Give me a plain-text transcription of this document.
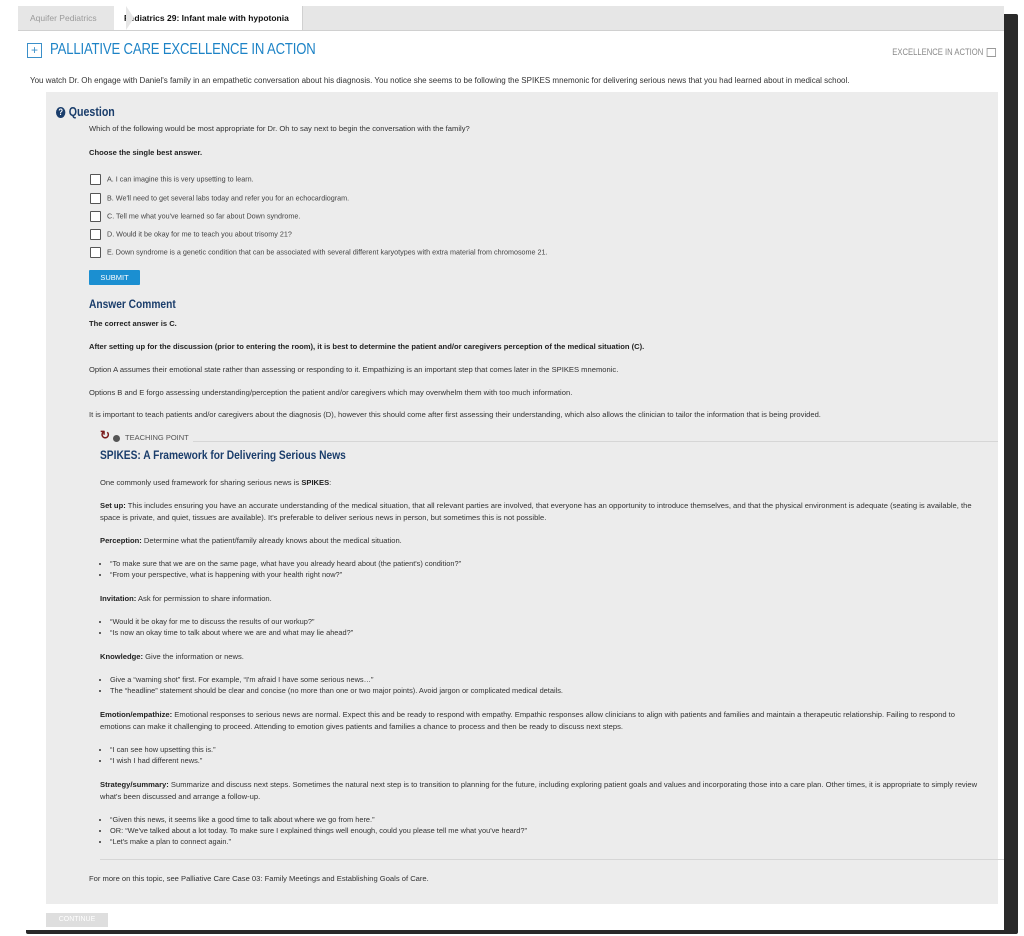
Aquifer Pediatrics	Pediatrics 29: Infant male with hypotonia
+ PALLIATIVE CARE EXCELLENCE IN ACTION	EXCELLENCE IN ACTION
You watch Dr. Oh engage with Daniel's family in an empathetic conversation about his diagnosis. You notice she seems to be following the SPIKES mnemonic for delivering serious news that you had learned about in medical school.
? Question
Which of the following would be most appropriate for Dr. Oh to say next to begin the conversation with the family?
Choose the single best answer.
A. I can imagine this is very upsetting to learn.
B. We'll need to get several labs today and refer you for an echocardiogram.
C. Tell me what you've learned so far about Down syndrome.
D. Would it be okay for me to teach you about trisomy 21?
E. Down syndrome is a genetic condition that can be associated with several different karyotypes with extra material from chromosome 21.
SUBMIT
Answer Comment
The correct answer is C.
After setting up for the discussion (prior to entering the room), it is best to determine the patient and/or caregivers perception of the medical situation (C).
Option A assumes their emotional state rather than assessing or responding to it. Empathizing is an important step that comes later in the SPIKES mnemonic.
Options B and E forgo assessing understanding/perception the patient and/or caregivers which may overwhelm them with too much information.
It is important to teach patients and/or caregivers about the diagnosis (D), however this should come after first assessing their understanding, which also allows the clinician to tailor the information that is being provided.
↻ TEACHING POINT
SPIKES: A Framework for Delivering Serious News
One commonly used framework for sharing serious news is SPIKES:
Set up: This includes ensuring you have an accurate understanding of the medical situation, that all relevant parties are involved, that everyone has an opportunity to introduce themselves, and that the physical environment is adequate (seating is available, the space is private, and quiet, tissues are available). It's preferable to deliver serious news in person, but sometimes this is not possible.
Perception: Determine what the patient/family already knows about the medical situation.
• “To make sure that we are on the same page, what have you already heard about (the patient's) condition?”
• “From your perspective, what is happening with your health right now?”
Invitation: Ask for permission to share information.
• “Would it be okay for me to discuss the results of our workup?”
• “Is now an okay time to talk about where we are and what may lie ahead?”
Knowledge: Give the information or news.
• Give a “warning shot” first. For example, “I'm afraid I have some serious news…”
• The “headline” statement should be clear and concise (no more than one or two major points). Avoid jargon or complicated medical details.
Emotion/empathize: Emotional responses to serious news are normal. Expect this and be ready to respond with empathy. Empathic responses allow clinicians to align with patients and families and maintain a therapeutic relationship. Failing to respond to emotions can make it challenging to proceed. Attending to emotion gives patients and families a chance to process and then be ready to discuss next steps.
• “I can see how upsetting this is.”
• “I wish I had different news.”
Strategy/summary: Summarize and discuss next steps. Sometimes the natural next step is to transition to planning for the future, including exploring patient goals and values and incorporating those into a care plan. Other times, it is appropriate to simply review what's been discussed and arrange a follow-up.
• “Given this news, it seems like a good time to talk about where we go from here.”
• OR: “We've talked about a lot today. To make sure I explained things well enough, could you please tell me what you've heard?”
• “Let's make a plan to connect again.”
For more on this topic, see Palliative Care Case 03: Family Meetings and Establishing Goals of Care.
CONTINUE
